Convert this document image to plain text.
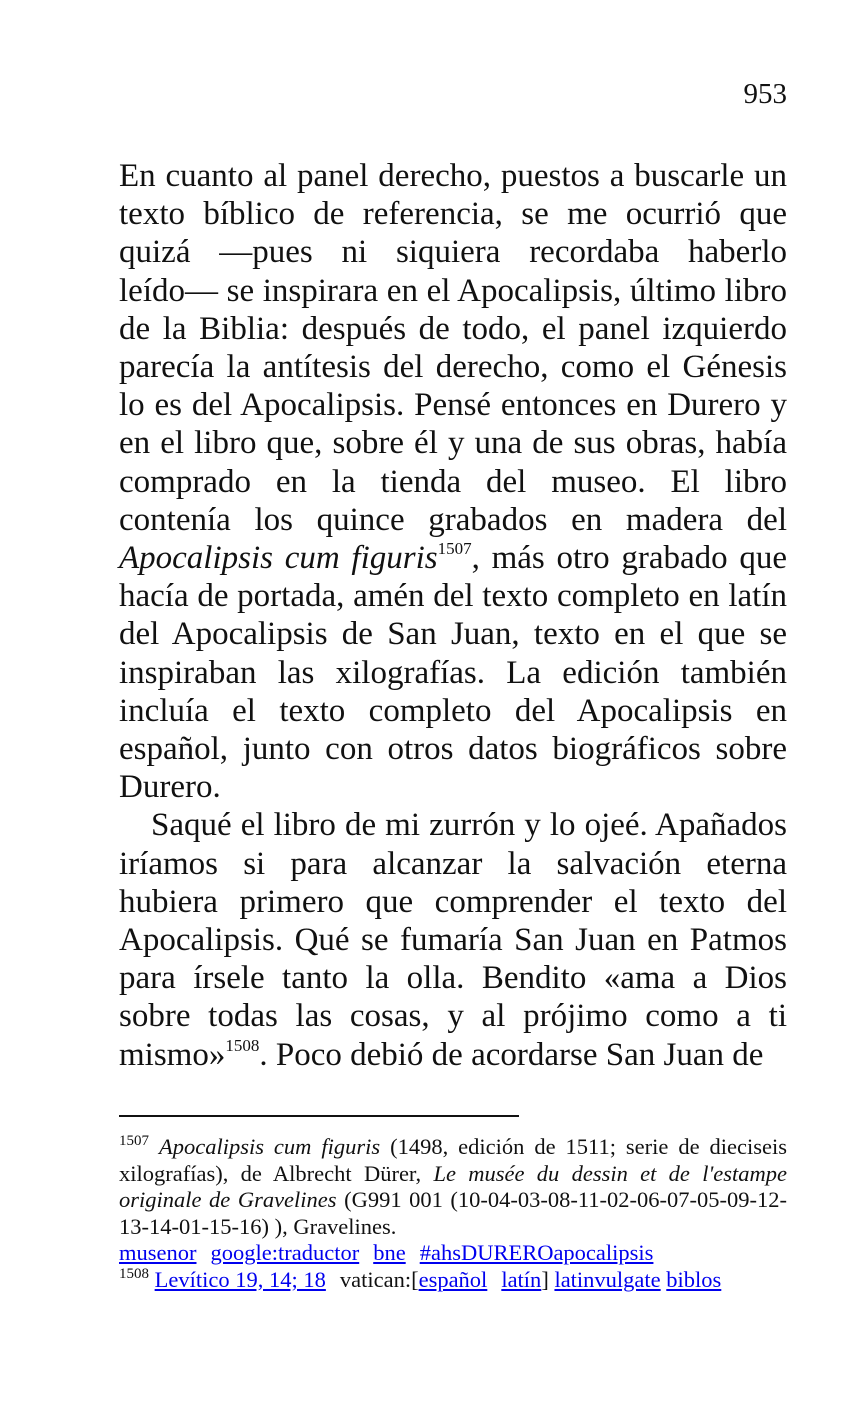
953

En cuanto al panel derecho, puestos a buscarle un texto bíblico de referencia, se me ocurrió que quizá ―pues ni siquiera recordaba haberlo leído― se inspirara en el Apocalipsis, último libro de la Biblia: después de todo, el panel izquierdo parecía la antítesis del derecho, como el Génesis lo es del Apocalipsis. Pensé entonces en Durero y en el libro que, sobre él y una de sus obras, había comprado en la tienda del museo. El libro contenía los quince grabados en madera del Apocalipsis cum figuris$^{1507}$, más otro grabado que hacía de portada, amén del texto completo en latín del Apocalipsis de San Juan, texto en el que se inspiraban las xilografías. La edición también incluía el texto completo del Apocalipsis en español, junto con otros datos biográficos sobre Durero.

Saqué el libro de mi zurrón y lo ojeé. Apañados iríamos si para alcanzar la salvación eterna hubiera primero que comprender el texto del Apocalipsis. Qué se fumaría San Juan en Patmos para írsele tanto la olla. Bendito «ama a Dios sobre todas las cosas, y al prójimo como a ti mismo»$^{1508}$. Poco debió de acordarse San Juan de

$^{1507}$ Apocalipsis cum figuris (1498, edición de 1511; serie de dieciseis xilografías), de Albrecht Dürer, Le musée du dessin et de l'estampe originale de Gravelines (G991 001 (10-04-03-08-11-02-06-07-05-09-12-13-14-01-15-16) ), Gravelines.

musenor google:traductor bne #ahsDUREROapocalipsis

$^{1508}$ Levítico 19, 14; 18 vatican:[español latín] latinvulgate biblos
